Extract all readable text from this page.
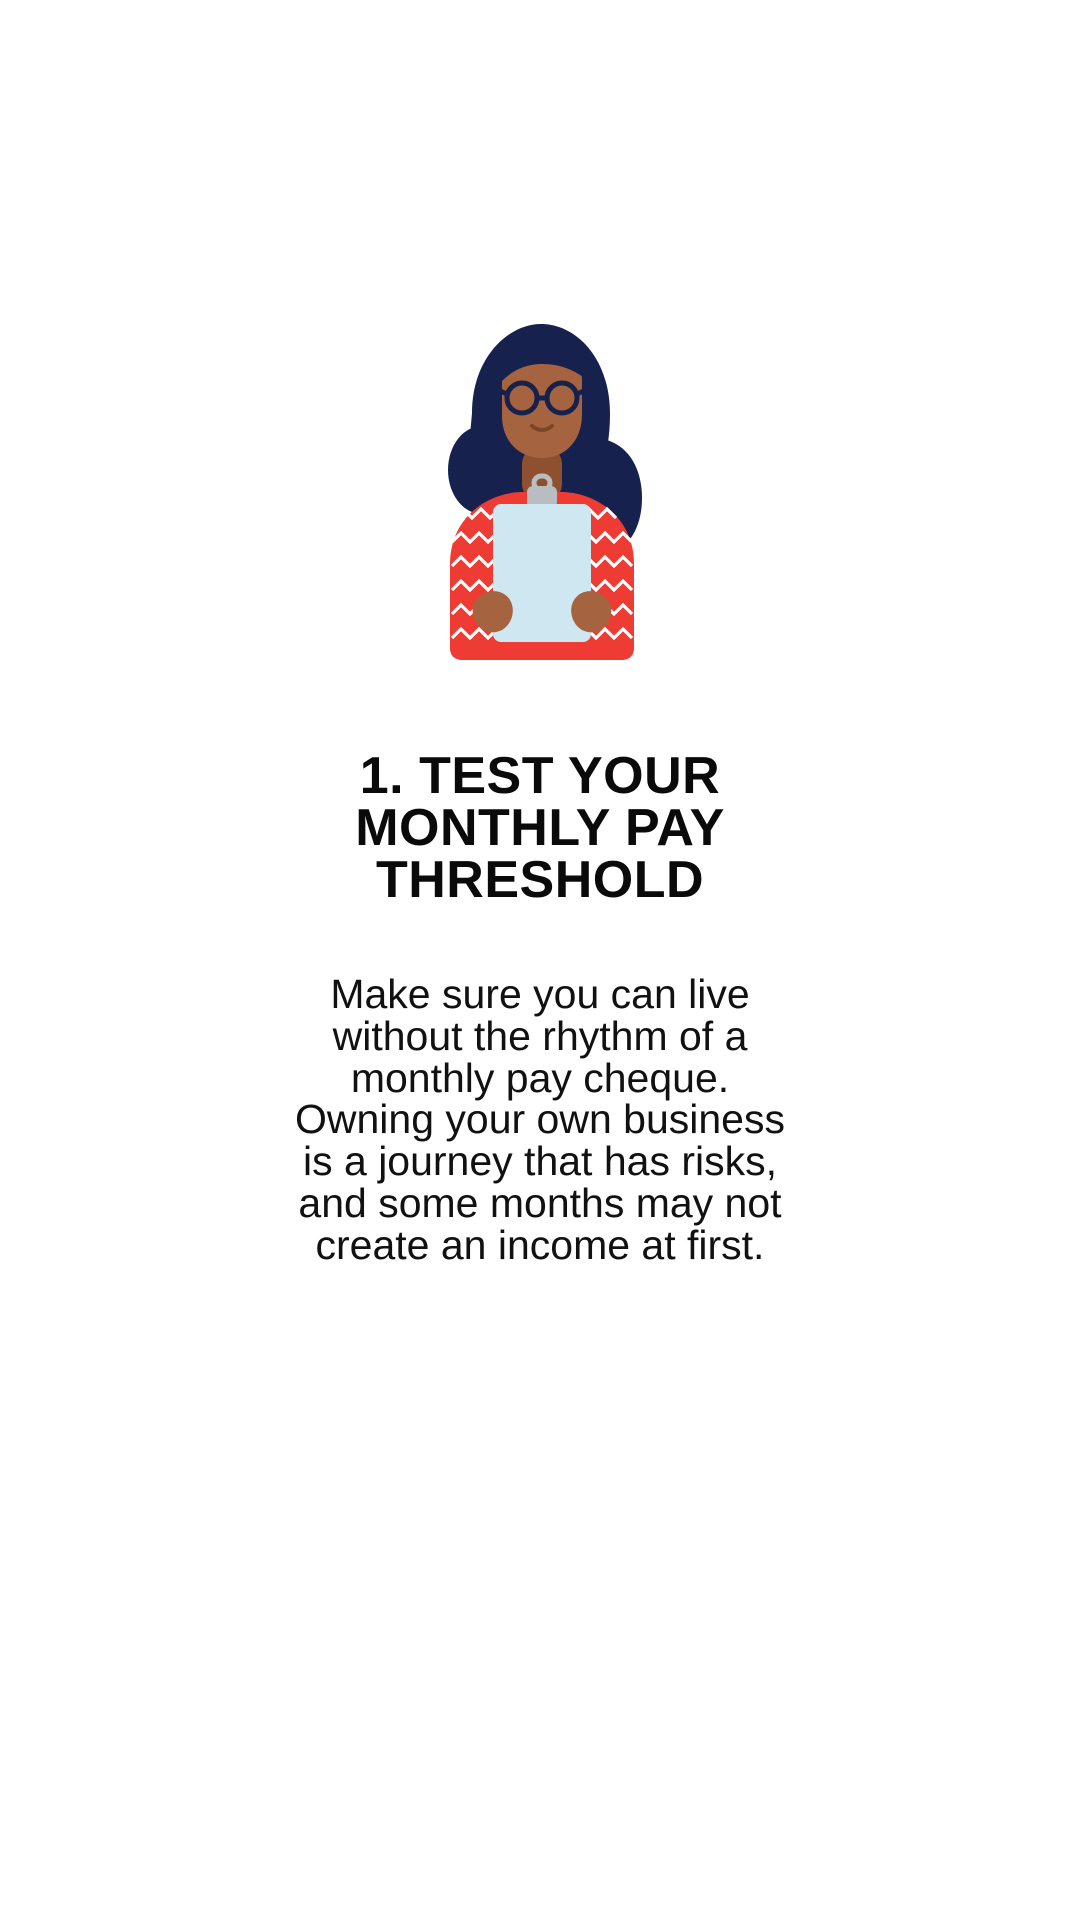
1. TEST YOUR
MONTHLY PAY
THRESHOLD

Make sure you can live
without the rhythm of a
monthly pay cheque.
Owning your own business
is a journey that has risks,
and some months may not
create an income at first.
